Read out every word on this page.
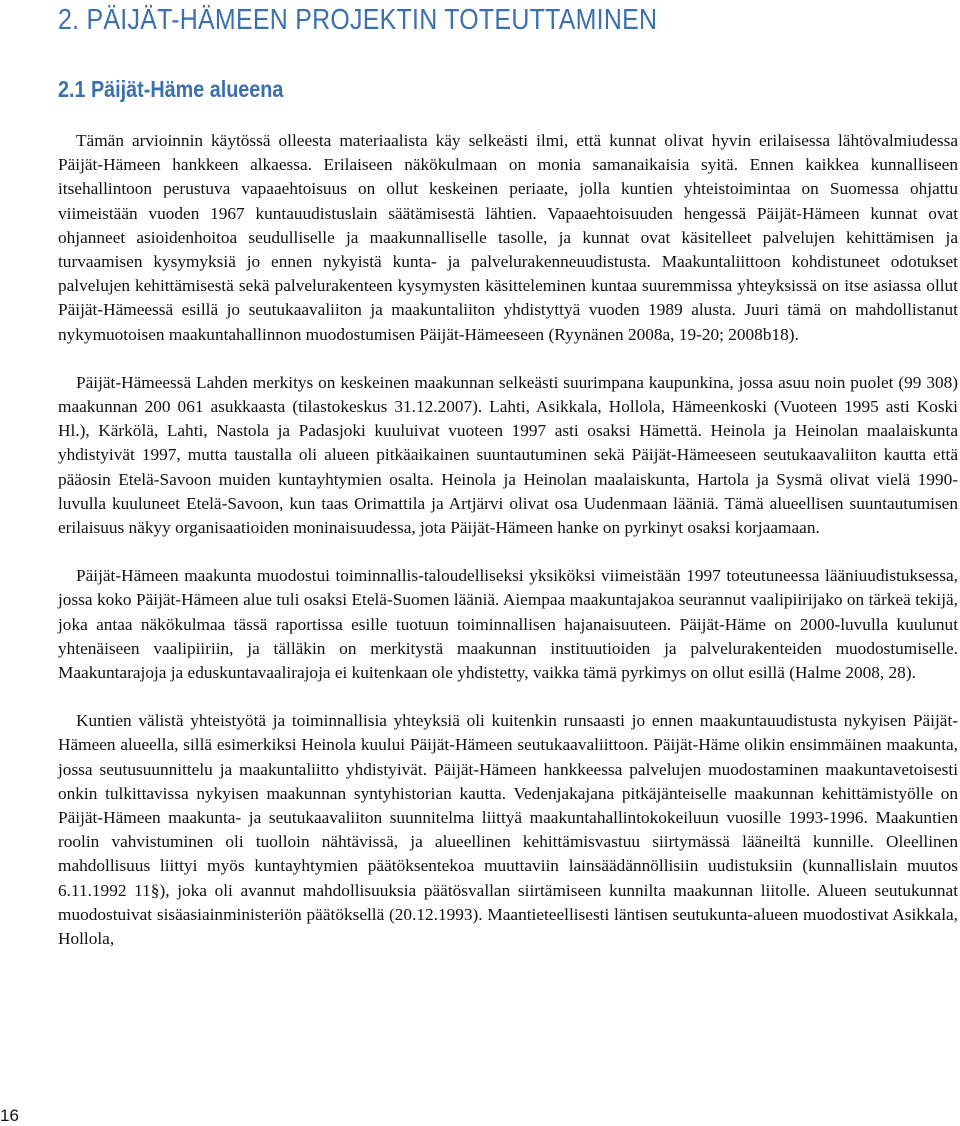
2. PÄIJÄT-HÄMEEN PROJEKTIN TOTEUTTAMINEN
2.1 Päijät-Häme alueena

Tämän arvioinnin käytössä olleesta materiaalista käy selkeästi ilmi, että kunnat olivat hyvin erilaisessa lähtövalmiudessa Päijät-Hämeen hankkeen alkaessa. Erilaiseen näkökulmaan on monia samanaikaisia syitä. Ennen kaikkea kunnalliseen itsehallintoon perustuva vapaaehtoisuus on ollut keskeinen periaate, jolla kuntien yhteistoimintaa on Suomessa ohjattu viimeistään vuoden 1967 kuntauudistuslain säätämisestä lähtien. Vapaaehtoisuuden hengessä Päijät-Hämeen kunnat ovat ohjanneet asioidenhoitoa seudulliselle ja maakunnalliselle tasolle, ja kunnat ovat käsitelleet palvelujen kehittämisen ja turvaamisen kysymyksiä jo ennen nykyistä kunta- ja palvelurakenneuudistusta. Maakuntaliittoon kohdistuneet odotukset palvelujen kehittämisestä sekä palvelurakenteen kysymysten käsitteleminen kuntaa suuremmissa yhteyksissä on itse asiassa ollut Päijät-Hämeessä esillä jo seutukaavaliiton ja maakuntaliiton yhdistyttyä vuoden 1989 alusta. Juuri tämä on mahdollistanut nykymuotoisen maakuntahallinnon muodostumisen Päijät-Hämeeseen (Ryynänen 2008a, 19-20; 2008b18).

Päijät-Hämeessä Lahden merkitys on keskeinen maakunnan selkeästi suurimpana kaupunkina, jossa asuu noin puolet (99 308) maakunnan 200 061 asukkaasta (tilastokeskus 31.12.2007). Lahti, Asikkala, Hollola, Hämeenkoski (Vuoteen 1995 asti Koski Hl.), Kärkölä, Lahti, Nastola ja Padasjoki kuuluivat vuoteen 1997 asti osaksi Hämettä. Heinola ja Heinolan maalaiskunta yhdistyivät 1997, mutta taustalla oli alueen pitkäaikainen suuntautuminen sekä Päijät-Hämeeseen seutukaavaliiton kautta että pääosin Etelä-Savoon muiden kuntayhtymien osalta. Heinola ja Heinolan maalaiskunta, Hartola ja Sysmä olivat vielä 1990-luvulla kuuluneet Etelä-Savoon, kun taas Orimattila ja Artjärvi olivat osa Uudenmaan lääniä. Tämä alueellisen suuntautumisen erilaisuus näkyy organisaatioiden moninaisuudessa, jota Päijät-Hämeen hanke on pyrkinyt osaksi korjaamaan.

Päijät-Hämeen maakunta muodostui toiminnallis-taloudelliseksi yksiköksi viimeistään 1997 toteutuneessa lääniuudistuksessa, jossa koko Päijät-Hämeen alue tuli osaksi Etelä-Suomen lääniä. Aiempaa maakuntajakoa seurannut vaalipiirijako on tärkeä tekijä, joka antaa näkökulmaa tässä raportissa esille tuotuun toiminnallisen hajanaisuuteen. Päijät-Häme on 2000-luvulla kuulunut yhtenäiseen vaalipiiriin, ja tälläkin on merkitystä maakunnan instituutioiden ja palvelurakenteiden muodostumiselle. Maakuntarajoja ja eduskuntavaalirajoja ei kuitenkaan ole yhdistetty, vaikka tämä pyrkimys on ollut esillä (Halme 2008, 28).

Kuntien välistä yhteistyötä ja toiminnallisia yhteyksiä oli kuitenkin runsaasti jo ennen maakuntauudistusta nykyisen Päijät-Hämeen alueella, sillä esimerkiksi Heinola kuului Päijät-Hämeen seutukaavaliittoon. Päijät-Häme olikin ensimmäinen maakunta, jossa seutusuunnittelu ja maakuntaliitto yhdistyivät. Päijät-Hämeen hankkeessa palvelujen muodostaminen maakuntavetoisesti onkin tulkittavissa nykyisen maakunnan syntyhistorian kautta. Vedenjakajana pitkäjänteiselle maakunnan kehittämistyölle on Päijät-Hämeen maakunta- ja seutukaavaliiton suunnitelma liittyä maakuntahallintokokeiluun vuosille 1993-1996. Maakuntien roolin vahvistuminen oli tuolloin nähtävissä, ja alueellinen kehittämisvastuu siirtymässä lääneiltä kunnille. Oleellinen mahdollisuus liittyi myös kuntayhtymien päätöksentekoa muuttaviin lainsäädännöllisiin uudistuksiin (kunnallislain muutos 6.11.1992 11§), joka oli avannut mahdollisuuksia päätösvallan siirtämiseen kunnilta maakunnan liitolle. Alueen seutukunnat muodostuivat sisäasiainministeriön päätöksellä (20.12.1993). Maantieteellisesti läntisen seutukunta-alueen muodostivat Asikkala, Hollola,

16
